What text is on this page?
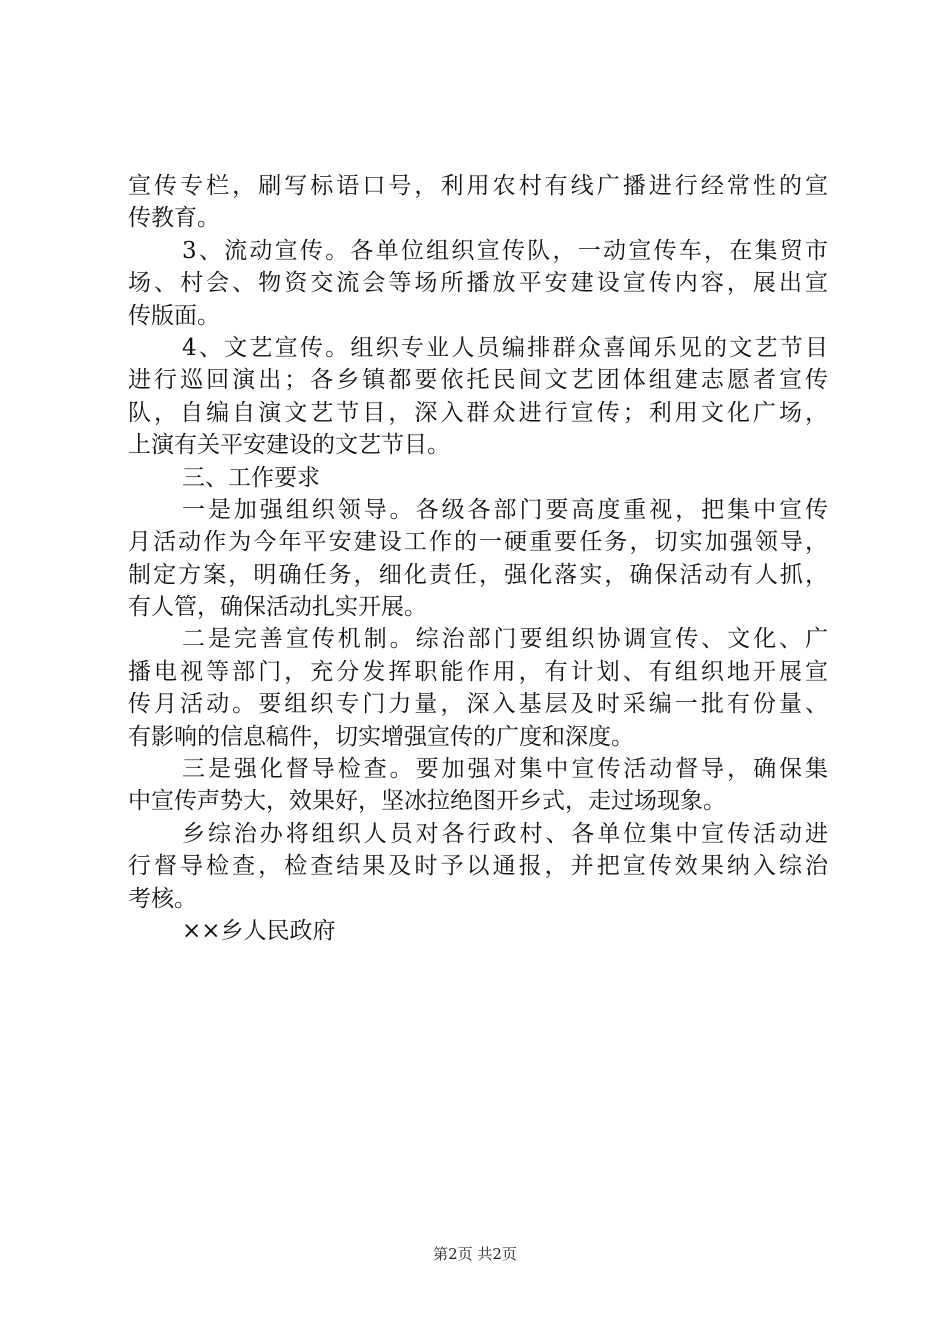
宣传专栏，刷写标语口号，利用农村有线广播进行经常性的宣
传教育。
3、流动宣传。各单位组织宣传队，一动宣传车，在集贸市
场、村会、物资交流会等场所播放平安建设宣传内容，展出宣
传版面。
4、文艺宣传。组织专业人员编排群众喜闻乐见的文艺节目
进行巡回演出；各乡镇都要依托民间文艺团体组建志愿者宣传
队，自编自演文艺节目，深入群众进行宣传；利用文化广场，
上演有关平安建设的文艺节目。
三、工作要求
一是加强组织领导。各级各部门要高度重视，把集中宣传
月活动作为今年平安建设工作的一硬重要任务，切实加强领导，
制定方案，明确任务，细化责任，强化落实，确保活动有人抓，
有人管，确保活动扎实开展。
二是完善宣传机制。综治部门要组织协调宣传、文化、广
播电视等部门，充分发挥职能作用，有计划、有组织地开展宣
传月活动。要组织专门力量，深入基层及时采编一批有份量、
有影响的信息稿件，切实增强宣传的广度和深度。
三是强化督导检查。要加强对集中宣传活动督导，确保集
中宣传声势大，效果好，坚冰拉绝图开乡式，走过场现象。
乡综治办将组织人员对各行政村、各单位集中宣传活动进
行督导检查，检查结果及时予以通报，并把宣传效果纳入综治
考核。
××乡人民政府
第2页 共2页
